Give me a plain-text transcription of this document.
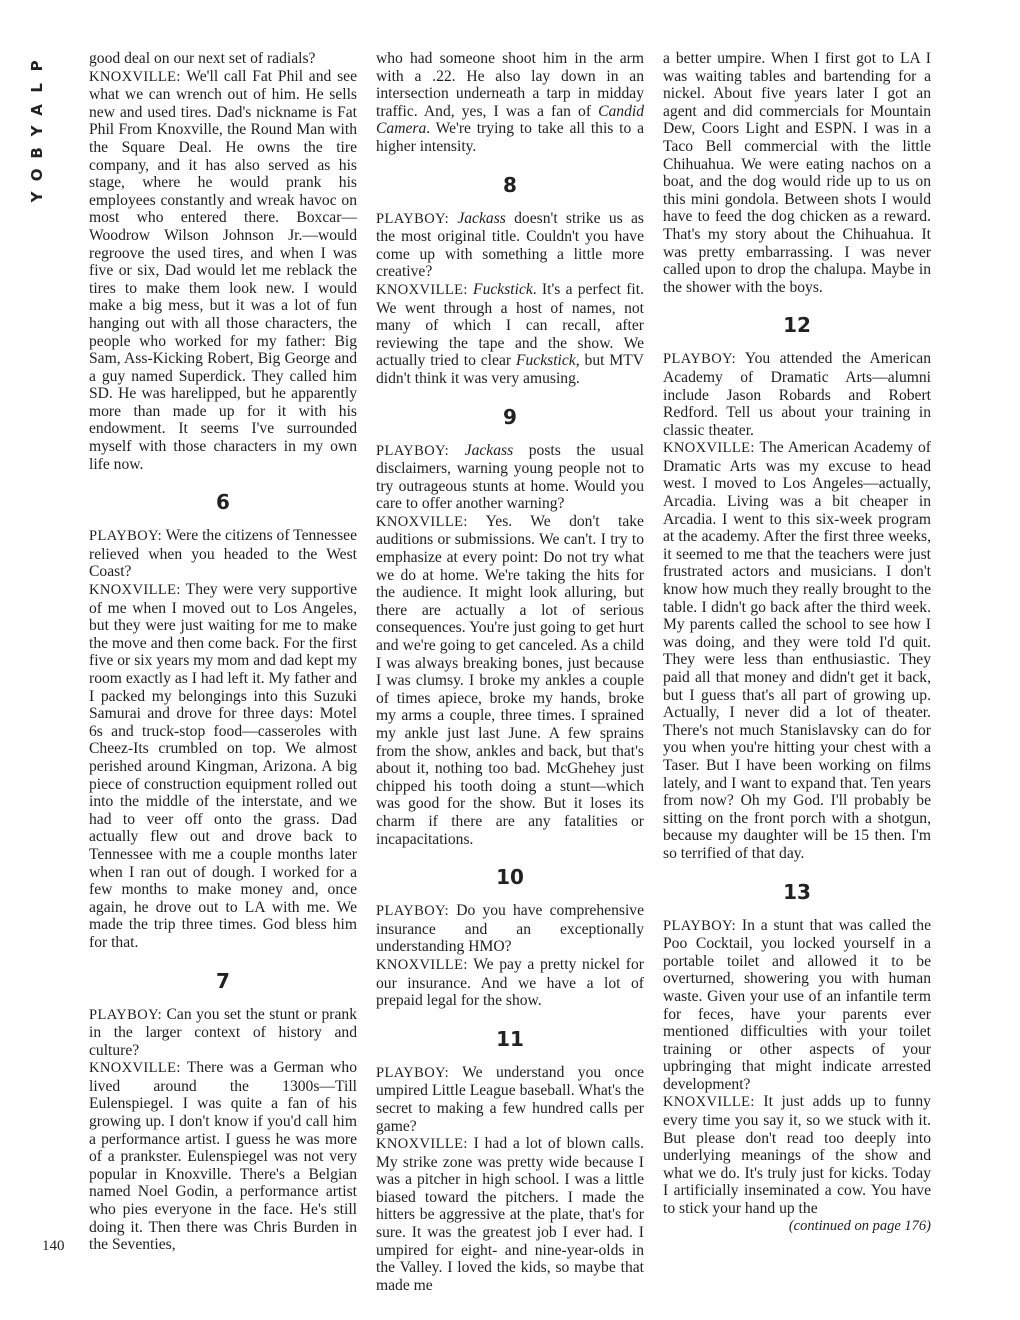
P
L
A
Y
B
O
Y
140

good deal on our next set of radials?

KNOXVILLE: We'll call Fat Phil and see what we can wrench out of him. He sells new and used tires. Dad's nickname is Fat Phil From Knoxville, the Round Man with the Square Deal. He owns the tire company, and it has also served as his stage, where he would prank his employees constantly and wreak havoc on most who entered there. Boxcar—Woodrow Wilson Johnson Jr.—would regroove the used tires, and when I was five or six, Dad would let me reblack the tires to make them look new. I would make a big mess, but it was a lot of fun hanging out with all those characters, the people who worked for my father: Big Sam, Ass-Kicking Robert, Big George and a guy named Superdick. They called him SD. He was harelipped, but he apparently more than made up for it with his endowment. It seems I've surrounded myself with those characters in my own life now.

6

PLAYBOY: Were the citizens of Tennessee relieved when you headed to the West Coast?

KNOXVILLE: They were very supportive of me when I moved out to Los Angeles, but they were just waiting for me to make the move and then come back. For the first five or six years my mom and dad kept my room exactly as I had left it. My father and I packed my belongings into this Suzuki Samurai and drove for three days: Motel 6s and truck-stop food—casseroles with Cheez-Its crumbled on top. We almost perished around Kingman, Arizona. A big piece of construction equipment rolled out into the middle of the interstate, and we had to veer off onto the grass. Dad actually flew out and drove back to Tennessee with me a couple months later when I ran out of dough. I worked for a few months to make money and, once again, he drove out to LA with me. We made the trip three times. God bless him for that.

7

PLAYBOY: Can you set the stunt or prank in the larger context of history and culture?

KNOXVILLE: There was a German who lived around the 1300s—Till Eulenspiegel. I was quite a fan of his growing up. I don't know if you'd call him a performance artist. I guess he was more of a prankster. Eulenspiegel was not very popular in Knoxville. There's a Belgian named Noel Godin, a performance artist who pies everyone in the face. He's still doing it. Then there was Chris Burden in the Seventies,

who had someone shoot him in the arm with a .22. He also lay down in an intersection underneath a tarp in midday traffic. And, yes, I was a fan of Candid Camera. We're trying to take all this to a higher intensity.

8

PLAYBOY: Jackass doesn't strike us as the most original title. Couldn't you have come up with something a little more creative?

KNOXVILLE: Fuckstick. It's a perfect fit. We went through a host of names, not many of which I can recall, after reviewing the tape and the show. We actually tried to clear Fuckstick, but MTV didn't think it was very amusing.

9

PLAYBOY: Jackass posts the usual disclaimers, warning young people not to try outrageous stunts at home. Would you care to offer another warning?

KNOXVILLE: Yes. We don't take auditions or submissions. We can't. I try to emphasize at every point: Do not try what we do at home. We're taking the hits for the audience. It might look alluring, but there are actually a lot of serious consequences. You're just going to get hurt and we're going to get canceled. As a child I was always breaking bones, just because I was clumsy. I broke my ankles a couple of times apiece, broke my hands, broke my arms a couple, three times. I sprained my ankle just last June. A few sprains from the show, ankles and back, but that's about it, nothing too bad. McGhehey just chipped his tooth doing a stunt—which was good for the show. But it loses its charm if there are any fatalities or incapacitations.

10

PLAYBOY: Do you have comprehensive insurance and an exceptionally understanding HMO?

KNOXVILLE: We pay a pretty nickel for our insurance. And we have a lot of prepaid legal for the show.

11

PLAYBOY: We understand you once umpired Little League baseball. What's the secret to making a few hundred calls per game?

KNOXVILLE: I had a lot of blown calls. My strike zone was pretty wide because I was a pitcher in high school. I was a little biased toward the pitchers. I made the hitters be aggressive at the plate, that's for sure. It was the greatest job I ever had. I umpired for eight- and nine-year-olds in the Valley. I loved the kids, so maybe that made me

a better umpire. When I first got to LA I was waiting tables and bartending for a nickel. About five years later I got an agent and did commercials for Mountain Dew, Coors Light and ESPN. I was in a Taco Bell commercial with the little Chihuahua. We were eating nachos on a boat, and the dog would ride up to us on this mini gondola. Between shots I would have to feed the dog chicken as a reward. That's my story about the Chihuahua. It was pretty embarrassing. I was never called upon to drop the chalupa. Maybe in the shower with the boys.

12

PLAYBOY: You attended the American Academy of Dramatic Arts—alumni include Jason Robards and Robert Redford. Tell us about your training in classic theater.

KNOXVILLE: The American Academy of Dramatic Arts was my excuse to head west. I moved to Los Angeles—actually, Arcadia. Living was a bit cheaper in Arcadia. I went to this six-week program at the academy. After the first three weeks, it seemed to me that the teachers were just frustrated actors and musicians. I don't know how much they really brought to the table. I didn't go back after the third week. My parents called the school to see how I was doing, and they were told I'd quit. They were less than enthusiastic. They paid all that money and didn't get it back, but I guess that's all part of growing up. Actually, I never did a lot of theater. There's not much Stanislavsky can do for you when you're hitting your chest with a Taser. But I have been working on films lately, and I want to expand that. Ten years from now? Oh my God. I'll probably be sitting on the front porch with a shotgun, because my daughter will be 15 then. I'm so terrified of that day.

13

PLAYBOY: In a stunt that was called the Poo Cocktail, you locked yourself in a portable toilet and allowed it to be overturned, showering you with human waste. Given your use of an infantile term for feces, have your parents ever mentioned difficulties with your toilet training or other aspects of your upbringing that might indicate arrested development?

KNOXVILLE: It just adds up to funny every time you say it, so we stuck with it. But please don't read too deeply into underlying meanings of the show and what we do. It's truly just for kicks. Today I artificially inseminated a cow. You have to stick your hand up the

(continued on page 176)
